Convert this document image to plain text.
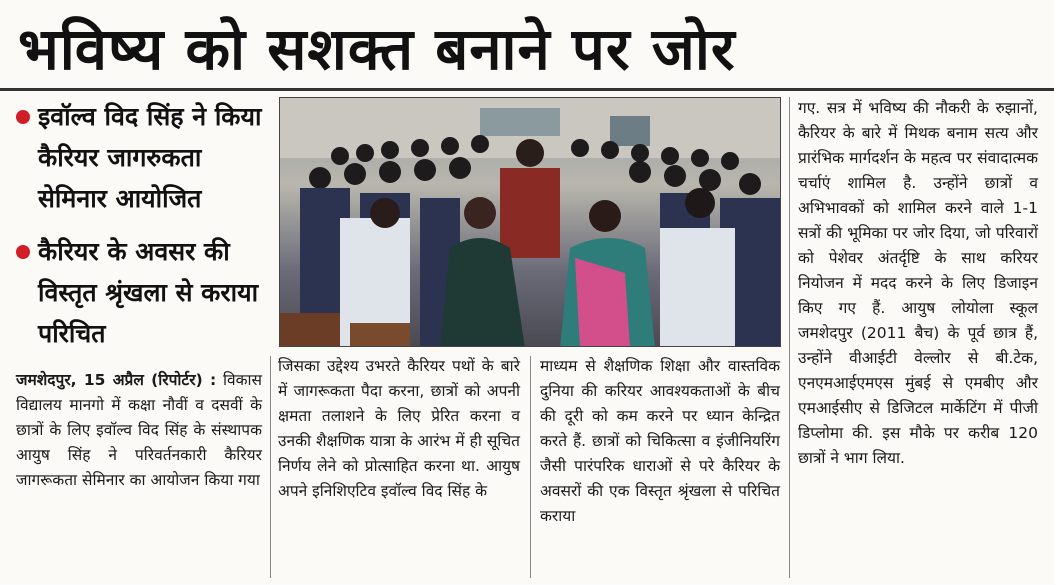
भविष्य को सशक्त बनाने पर जोर
इवॉल्व विद सिंह ने किया कैरियर जागरुकता सेमिनार आयोजित
कैरियर के अवसर की विस्तृत श्रृंखला से कराया परिचित

जमशेदपुर, 15 अप्रैल (रिपोर्टर) : विकास विद्यालय मानगो में कक्षा नौवीं व दसवीं के छात्रों के लिए इवॉल्व विद सिंह के संस्थापक आयुष सिंह ने परिवर्तनकारी कैरियर जागरूकता सेमिनार का आयोजन किया गया

जिसका उद्देश्य उभरते कैरियर पथों के बारे में जागरूकता पैदा करना, छात्रों को अपनी क्षमता तलाशने के लिए प्रेरित करना व उनकी शैक्षणिक यात्रा के आरंभ में ही सूचित निर्णय लेने को प्रोत्साहित करना था. आयुष अपने इनिशिएटिव इवॉल्व विद सिंह के

माध्यम से शैक्षणिक शिक्षा और वास्तविक दुनिया की करियर आवश्यकताओं के बीच की दूरी को कम करने पर ध्यान केन्द्रित करते हैं. छात्रों को चिकित्सा व इंजीनियरिंग जैसी पारंपरिक धाराओं से परे कैरियर के अवसरों की एक विस्तृत श्रृंखला से परिचित कराया

गए. सत्र में भविष्य की नौकरी के रुझानों, कैरियर के बारे में मिथक बनाम सत्य और प्रारंभिक मार्गदर्शन के महत्व पर संवादात्मक चर्चाएं शामिल है. उन्होंने छात्रों व अभिभावकों को शामिल करने वाले 1-1 सत्रों की भूमिका पर जोर दिया, जो परिवारों को पेशेवर अंतर्दृष्टि के साथ करियर नियोजन में मदद करने के लिए डिजाइन किए गए हैं. आयुष लोयोला स्कूल जमशेदपुर (2011 बैच) के पूर्व छात्र हैं, उन्होंने वीआईटी वेल्लोर से बी.टेक, एनएमआईएमएस मुंबई से एमबीए और एमआईसीए से डिजिटल मार्केटिंग में पीजी डिप्लोमा की. इस मौके पर करीब 120 छात्रों ने भाग लिया.
